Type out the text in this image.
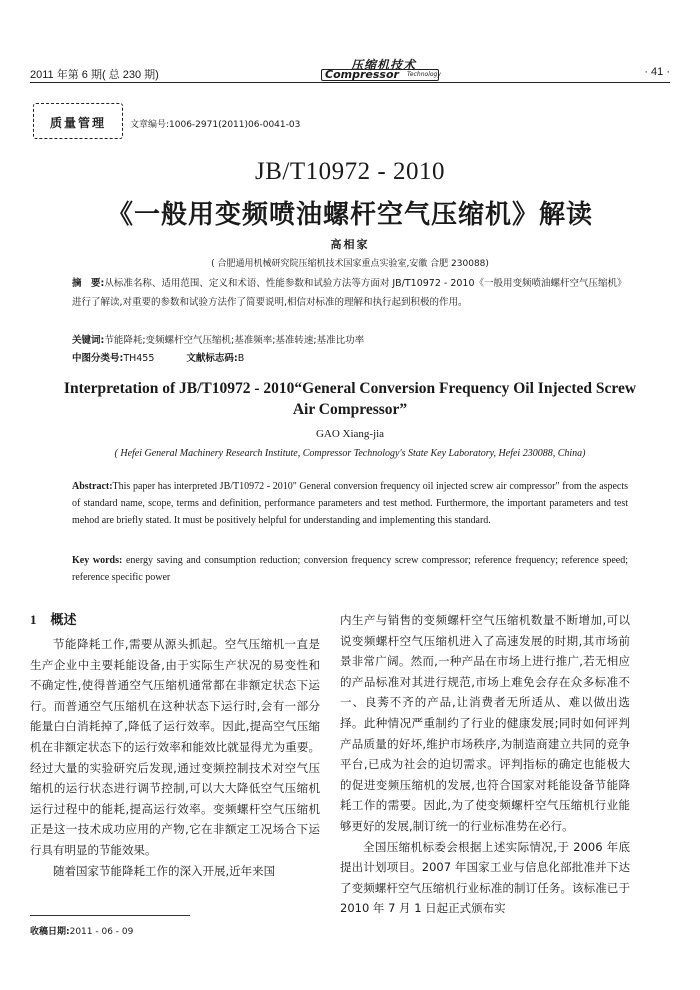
2011 年第 6 期( 总 230 期)
压缩机技术
Compressor Technology	· 41 ·
质量管理	文章编号:1006-2971(2011)06-0041-03
JB/T10972 - 2010
《一般用变频喷油螺杆空气压缩机》解读
高相家
( 合肥通用机械研究院压缩机技术国家重点实验室,安徽 合肥 230088)
摘　要:从标准名称、适用范围、定义和术语、性能参数和试验方法等方面对 JB/T10972 - 2010《一般用变频喷油螺杆空气压缩机》进行了解读,对重要的参数和试验方法作了简要说明,相信对标准的理解和执行起到积极的作用。
关键词:节能降耗;变频螺杆空气压缩机;基准频率;基准转速;基准比功率
中图分类号:TH455	文献标志码:B
Interpretation of JB/T10972 - 2010“General Conversion Frequency Oil Injected Screw Air Compressor”
GAO Xiang-jia
( Hefei General Machinery Research Institute, Compressor Technology's State Key Laboratory, Hefei 230088, China)
Abstract:This paper has interpreted JB/T10972 - 2010" General conversion frequency oil injected screw air compressor" from the aspects of standard name, scope, terms and definition, performance parameters and test method. Furthermore, the important parameters and test mehod are briefly stated. It must be positively helpful for understanding and implementing this standard.
Key words: energy saving and consumption reduction; conversion frequency screw compressor; reference frequency; reference speed; reference specific power
1 概述

节能降耗工作,需要从源头抓起。空气压缩机一直是生产企业中主要耗能设备,由于实际生产状况的易变性和不确定性,使得普通空气压缩机通常都在非额定状态下运行。而普通空气压缩机在这种状态下运行时,会有一部分能量白白消耗掉了,降低了运行效率。因此,提高空气压缩机在非额定状态下的运行效率和能效比就显得尤为重要。经过大量的实验研究后发现,通过变频控制技术对空气压缩机的运行状态进行调节控制,可以大大降低空气压缩机运行过程中的能耗,提高运行效率。变频螺杆空气压缩机正是这一技术成功应用的产物,它在非额定工况场合下运行具有明显的节能效果。

随着国家节能降耗工作的深入开展,近年来国

内生产与销售的变频螺杆空气压缩机数量不断增加,可以说变频螺杆空气压缩机进入了高速发展的时期,其市场前景非常广阔。然而,一种产品在市场上进行推广,若无相应的产品标准对其进行规范,市场上难免会存在众多标准不一、良莠不齐的产品,让消费者无所适从、难以做出选择。此种情况严重制约了行业的健康发展;同时如何评判产品质量的好坏,维护市场秩序,为制造商建立共同的竞争平台,已成为社会的迫切需求。评判指标的确定也能极大的促进变频压缩机的发展,也符合国家对耗能设备节能降耗工作的需要。因此,为了使变频螺杆空气压缩机行业能够更好的发展,制订统一的行业标准势在必行。

全国压缩机标委会根据上述实际情况,于 2006 年底提出计划项目。2007 年国家工业与信息化部批准并下达了变频螺杆空气压缩机行业标准的制订任务。该标准已于 2010 年 7 月 1 日起正式颁布实

收稿日期:2011 - 06 - 09
